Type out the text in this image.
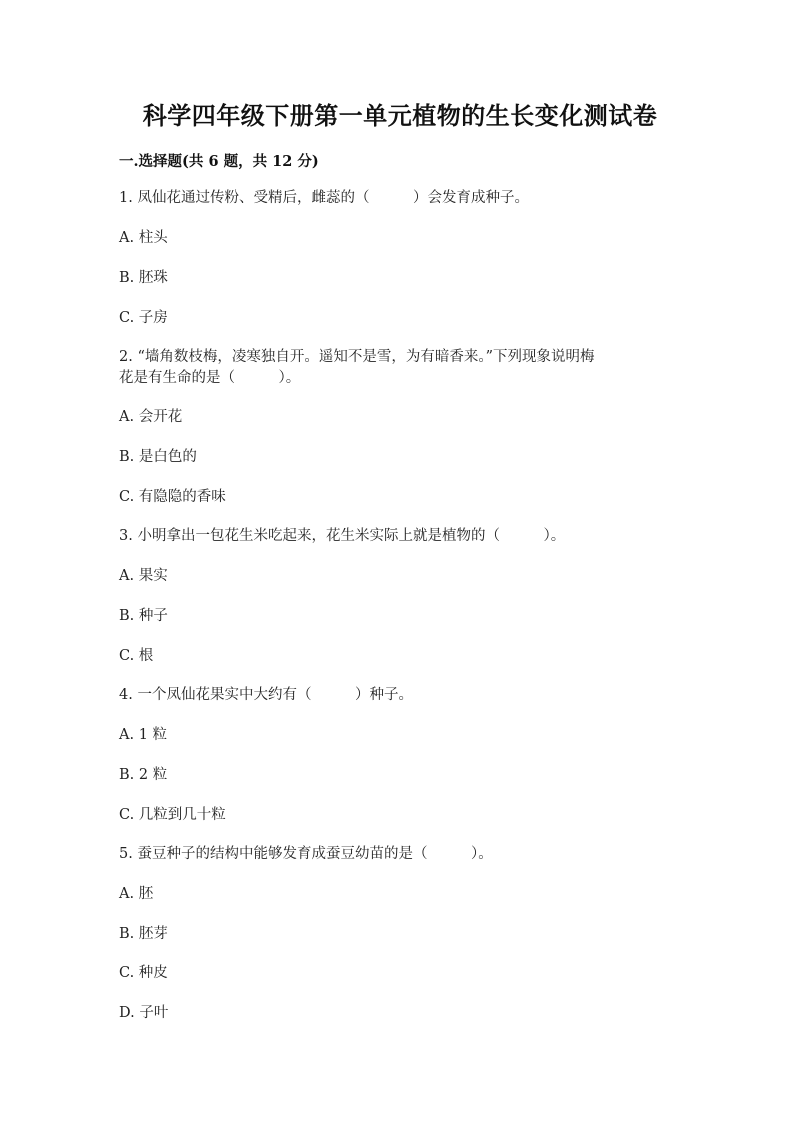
科学四年级下册第一单元植物的生长变化测试卷
一.选择题(共 6 题，共 12 分)
1. 凤仙花通过传粉、受精后，雌蕊的（　　　）会发育成种子。
A. 柱头
B. 胚珠
C. 子房
2. “墙角数枝梅，凌寒独自开。遥知不是雪，为有暗香来。”下列现象说明梅
花是有生命的是（　　　）。
A. 会开花
B. 是白色的
C. 有隐隐的香味
3. 小明拿出一包花生米吃起来，花生米实际上就是植物的（　　　）。
A. 果实
B. 种子
C. 根
4. 一个凤仙花果实中大约有（　　　）种子。
A. 1 粒
B. 2 粒
C. 几粒到几十粒
5. 蚕豆种子的结构中能够发育成蚕豆幼苗的是（　　　）。
A. 胚
B. 胚芽
C. 种皮
D. 子叶
